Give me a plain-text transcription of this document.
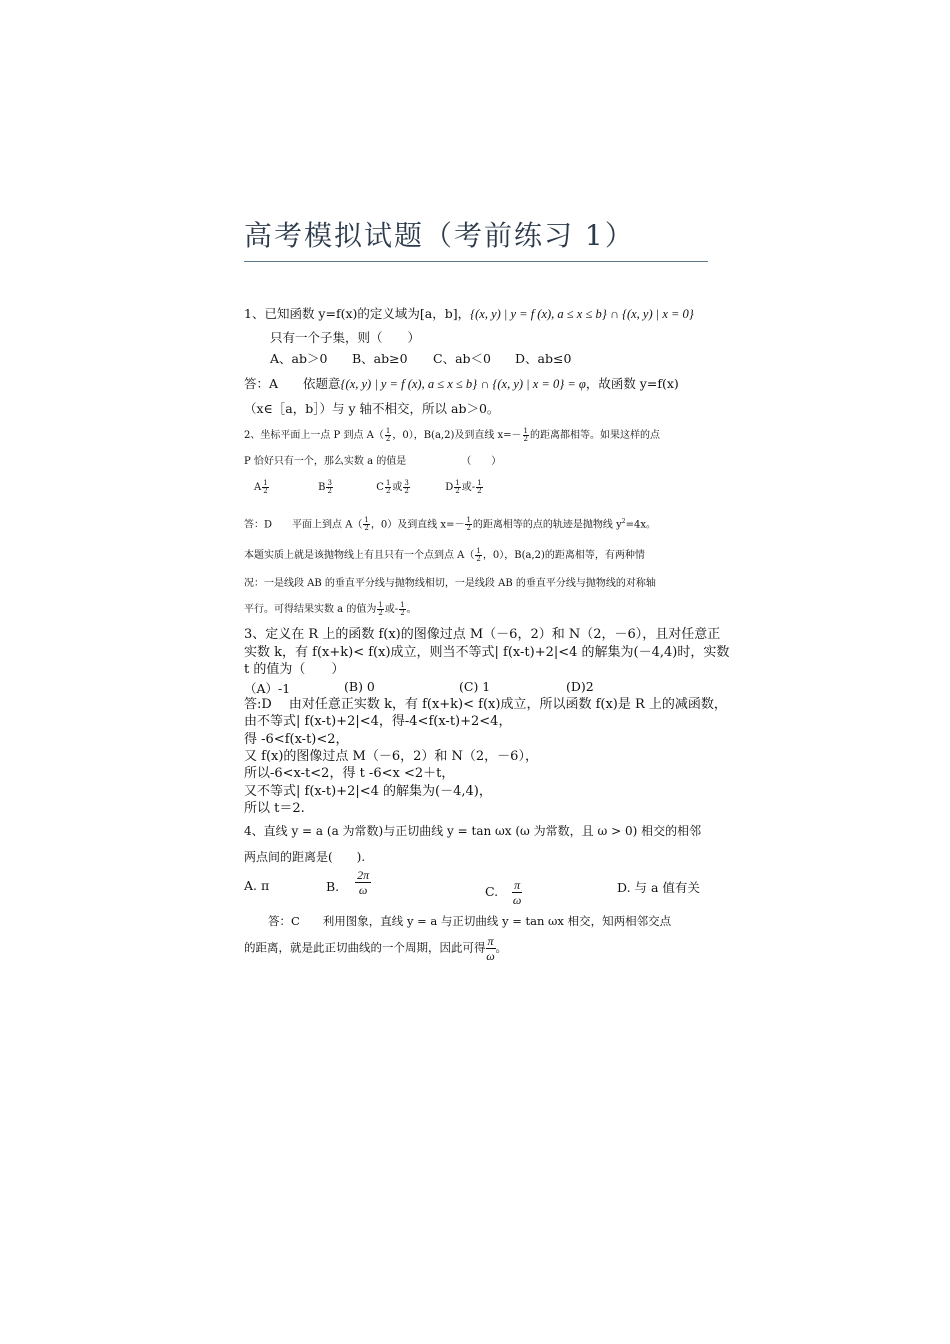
高考模拟试题（考前练习 1）
1、已知函数 y=f(x)的定义域为[a，b]，{(x, y) | y = f (x), a ≤ x ≤ b} ∩ {(x, y) | x = 0}
只有一个子集，则（　　）
A、ab＞0 B、ab≥0 C、ab＜0 D、ab≤0
答：A　　依题意{(x, y) | y = f (x), a ≤ x ≤ b} ∩ {(x, y) | x = 0} = φ，故函数 y=f(x)
（x∈［a，b］）与 y 轴不相交，所以 ab＞0。
2、坐标平面上一点 P 到点 $A( \frac{1}{2}$ ，0），B(a,2)及到直线 $x=- \frac{1}{2}$ 的距离都相等。如果这样的点
P 恰好只有一个，那么实数 a 的值是　　　　　　（　　）
A $\frac{1}{2}$	B $\frac{3}{2}$	C $\frac{1}{2}$ 或 $\frac{3}{2}$	D $\frac{1}{2}$ 或- $\frac{1}{2}$
答：D　　平面上到点 $A( \frac{1}{2}$ ，0）及到直线 $x=- \frac{1}{2}$ 的距离相等的点的轨迹是抛物线 $y^2=4x$。
本题实质上就是该抛物线上有且只有一个点到点 $A( \frac{1}{2}$ ，0），B(a,2)的距离相等，有两种情
况：一是线段 AB 的垂直平分线与抛物线相切，一是线段 AB 的垂直平分线与抛物线的对称轴
平行。可得结果实数 a 的值为 $\frac{1}{2}$ 或- $\frac{1}{2}$ 。
3、定义在 R 上的函数 f(x)的图像过点 M（－6，2）和 N（2，－6），且对任意正
实数 k，有 f(x+k)< f(x)成立，则当不等式| f(x-t)+2|<4 的解集为(－4,4)时，实数
t 的值为（　　）
（A）-1	(B) 0	(C) 1	(D)2
答:D　 由对任意正实数 k，有 f(x+k)< f(x)成立，所以函数 f(x)是 R 上的减函数，
由不等式| f(x-t)+2|<4，得-4<f(x-t)+2<4，
得 -6<f(x-t)<2，
又 f(x)的图像过点 M（－6，2）和 N（2，－6），
所以-6<x-t<2，得 t -6<x <2＋t，
又不等式| f(x-t)+2|<4 的解集为(－4,4)，
所以 t＝2.
4、直线 y = a (a 为常数)与正切曲线 y = tan ωx (ω 为常数，且 ω > 0) 相交的相邻
两点间的距离是(　　).
A. π	B. $\frac{2\pi}{\omega}$	C. $\frac{\pi}{\omega}$	D. 与 a 值有关
答：C　　利用图象，直线 y = a 与正切曲线 y = tan ωx 相交，知两相邻交点
的距离，就是此正切曲线的一个周期，因此可得 $\frac{\pi}{\omega}$ 。
